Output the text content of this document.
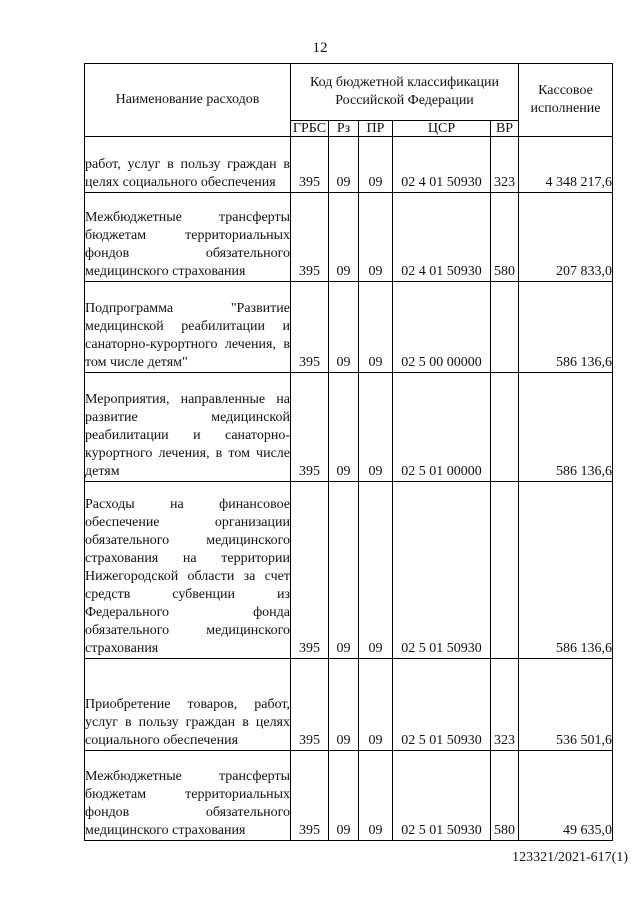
12
Наименование расходов	Код бюджетной классификации Российской Федерации					Кассовое исполнение
	ГРБС	Рз	ПР	ЦСР	ВР	
работ, услуг в пользу граждан в целях социального обеспечения	395	09	09	02 4 01 50930	323	4 348 217,6
Межбюджетные трансферты бюджетам территориальных фондов обязательного медицинского страхования	395	09	09	02 4 01 50930	580	207 833,0
Подпрограмма "Развитие медицинской реабилитации и санаторно-курортного лечения, в том числе детям"	395	09	09	02 5 00 00000		586 136,6
Мероприятия, направленные на развитие медицинской реабилитации и санаторно-курортного лечения, в том числе детям	395	09	09	02 5 01 00000		586 136,6
Расходы на финансовое обеспечение организации обязательного медицинского страхования на территории Нижегородской области за счет средств субвенции из Федерального фонда обязательного медицинского страхования	395	09	09	02 5 01 50930		586 136,6
Приобретение товаров, работ, услуг в пользу граждан в целях социального обеспечения	395	09	09	02 5 01 50930	323	536 501,6
Межбюджетные трансферты бюджетам территориальных фондов обязательного медицинского страхования	395	09	09	02 5 01 50930	580	49 635,0
123321/2021-617(1)
